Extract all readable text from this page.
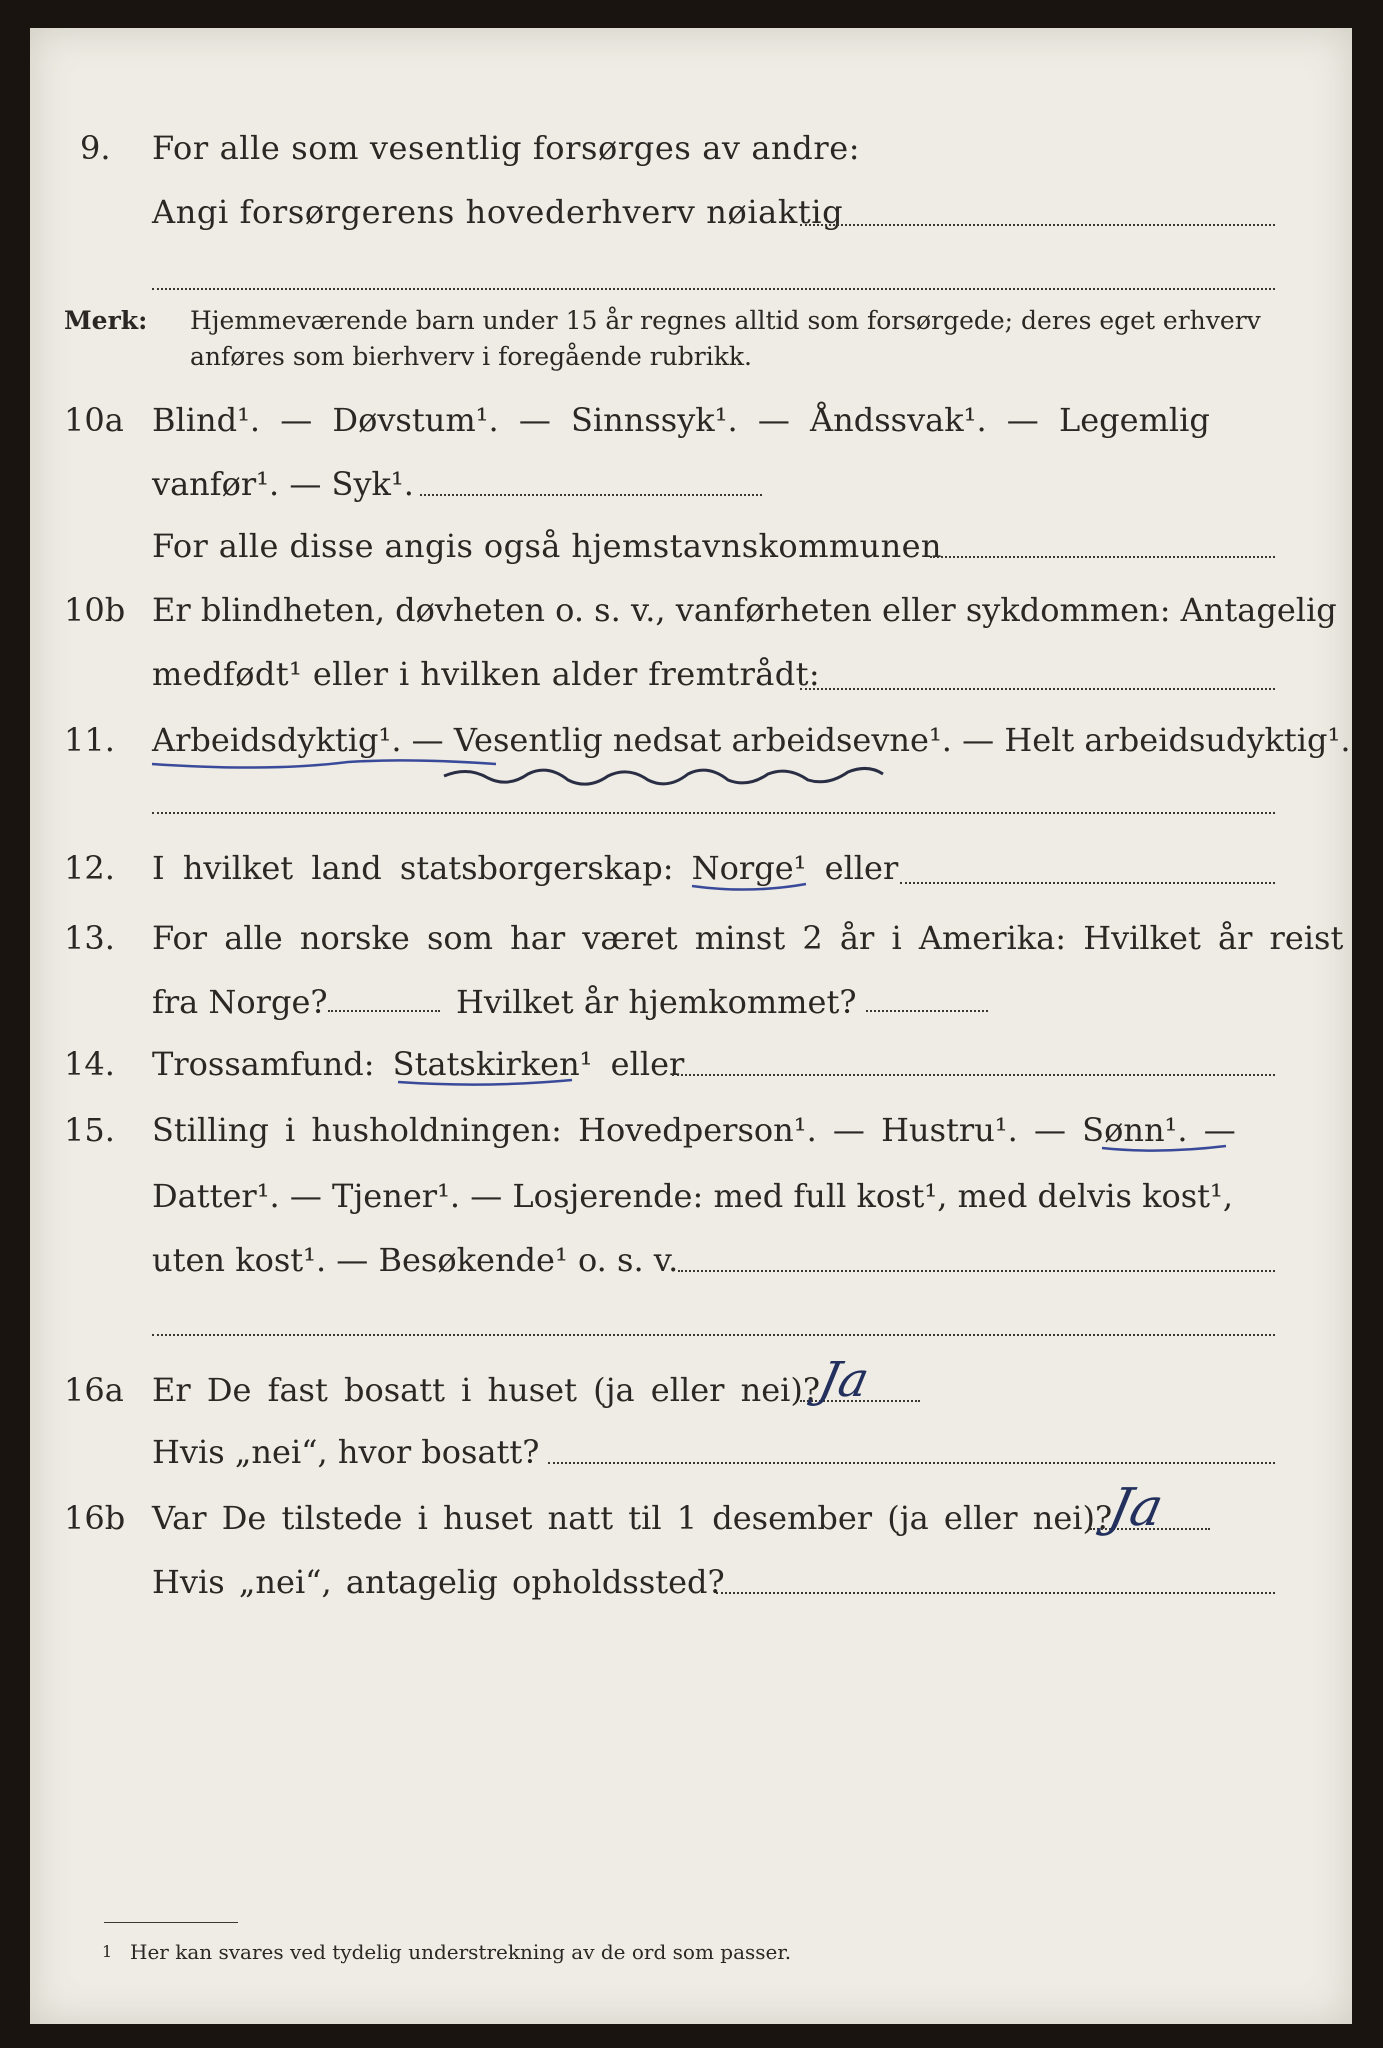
9. For alle som vesentlig forsørges av andre:
Angi forsørgerens hovederhverv nøiaktig
Merk: Hjemmeværende barn under 15 år regnes alltid som forsørgede; deres eget erhverv
anføres som bierhverv i foregående rubrikk.
10a Blind¹. — Døvstum¹. — Sinnssyk¹. — Åndssvak¹. — Legemlig
vanfør¹. — Syk¹.
For alle disse angis også hjemstavnskommunen
10b Er blindheten, døvheten o. s. v., vanførheten eller sykdommen: Antagelig
medfødt¹ eller i hvilken alder fremtrådt:
11. Arbeidsdyktig¹. — Vesentlig nedsat arbeidsevne¹. — Helt arbeidsudyktig¹.
12. I hvilket land statsborgerskap: Norge¹ eller
13. For alle norske som har været minst 2 år i Amerika: Hvilket år reist
fra Norge?	Hvilket år hjemkommet?
14. Trossamfund: Statskirken¹ eller
15. Stilling i husholdningen: Hovedperson¹. — Hustru¹. — Sønn¹. —
Datter¹. — Tjener¹. — Losjerende: med full kost¹, med delvis kost¹,
uten kost¹. — Besøkende¹ o. s. v.
16a Er De fast bosatt i huset (ja eller nei)?
Ja
Hvis „nei“, hvor bosatt?
16b Var De tilstede i huset natt til 1 desember (ja eller nei)?
Ja
Hvis „nei“, antagelig opholdssted?
1 Her kan svares ved tydelig understrekning av de ord som passer.
